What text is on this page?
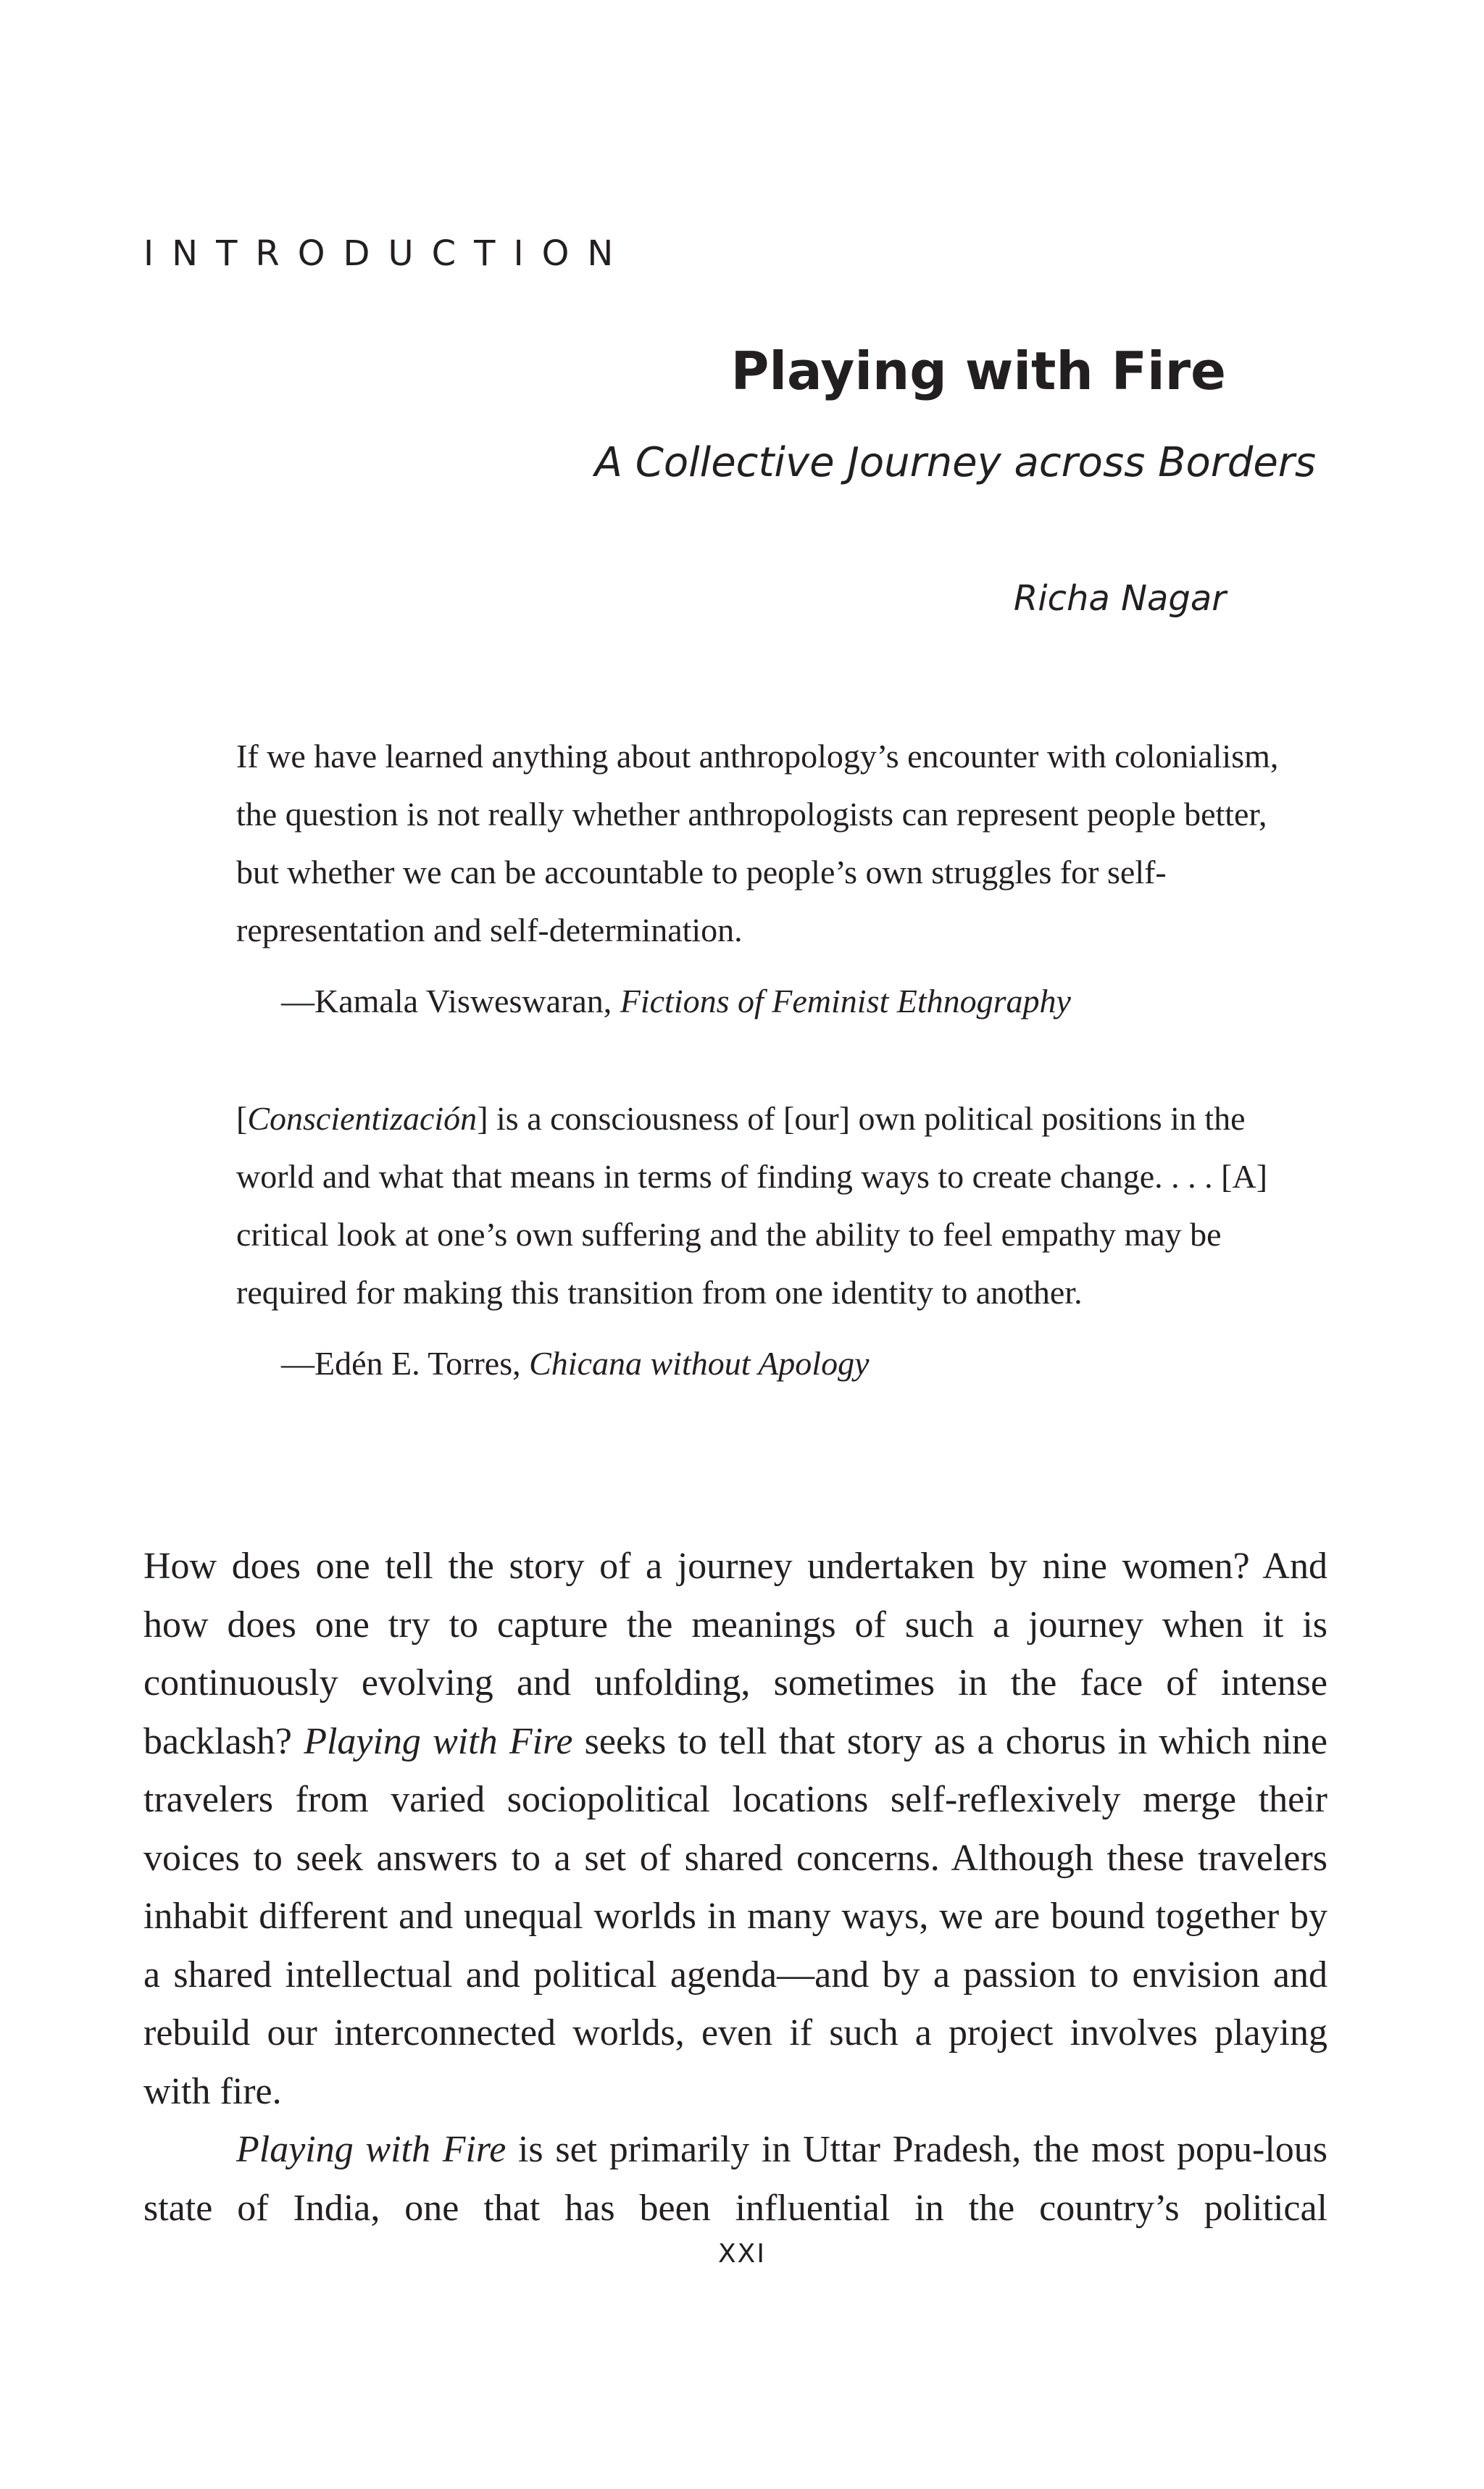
INTRODUCTION
Playing with Fire
A Collective Journey across Borders
Richa Nagar

If we have learned anything about anthropology’s encounter with colonialism, the question is not really whether anthropologists can represent people better, but whether we can be accountable to people’s own struggles for self-representation and self-determination.

—Kamala Visweswaran, Fictions of Feminist Ethnography

[Conscientización] is a consciousness of [our] own political positions in the world and what that means in terms of finding ways to create change. . . . [A] critical look at one’s own suffering and the ability to feel empathy may be required for making this transition from one identity to another.

—Edén E. Torres, Chicana without Apology

How does one tell the story of a journey undertaken by nine women? And how does one try to capture the meanings of such a journey when it is continuously evolving and unfolding, sometimes in the face of intense backlash? Playing with Fire seeks to tell that story as a chorus in which nine travelers from varied sociopolitical locations self-reflexively merge their voices to seek answers to a set of shared concerns. Although these travelers inhabit different and unequal worlds in many ways, we are bound together by a shared intellectual and political agenda—and by a passion to envision and rebuild our interconnected worlds, even if such a project involves playing with fire.

Playing with Fire is set primarily in Uttar Pradesh, the most popu-lous state of India, one that has been influential in the country’s political

XXI
